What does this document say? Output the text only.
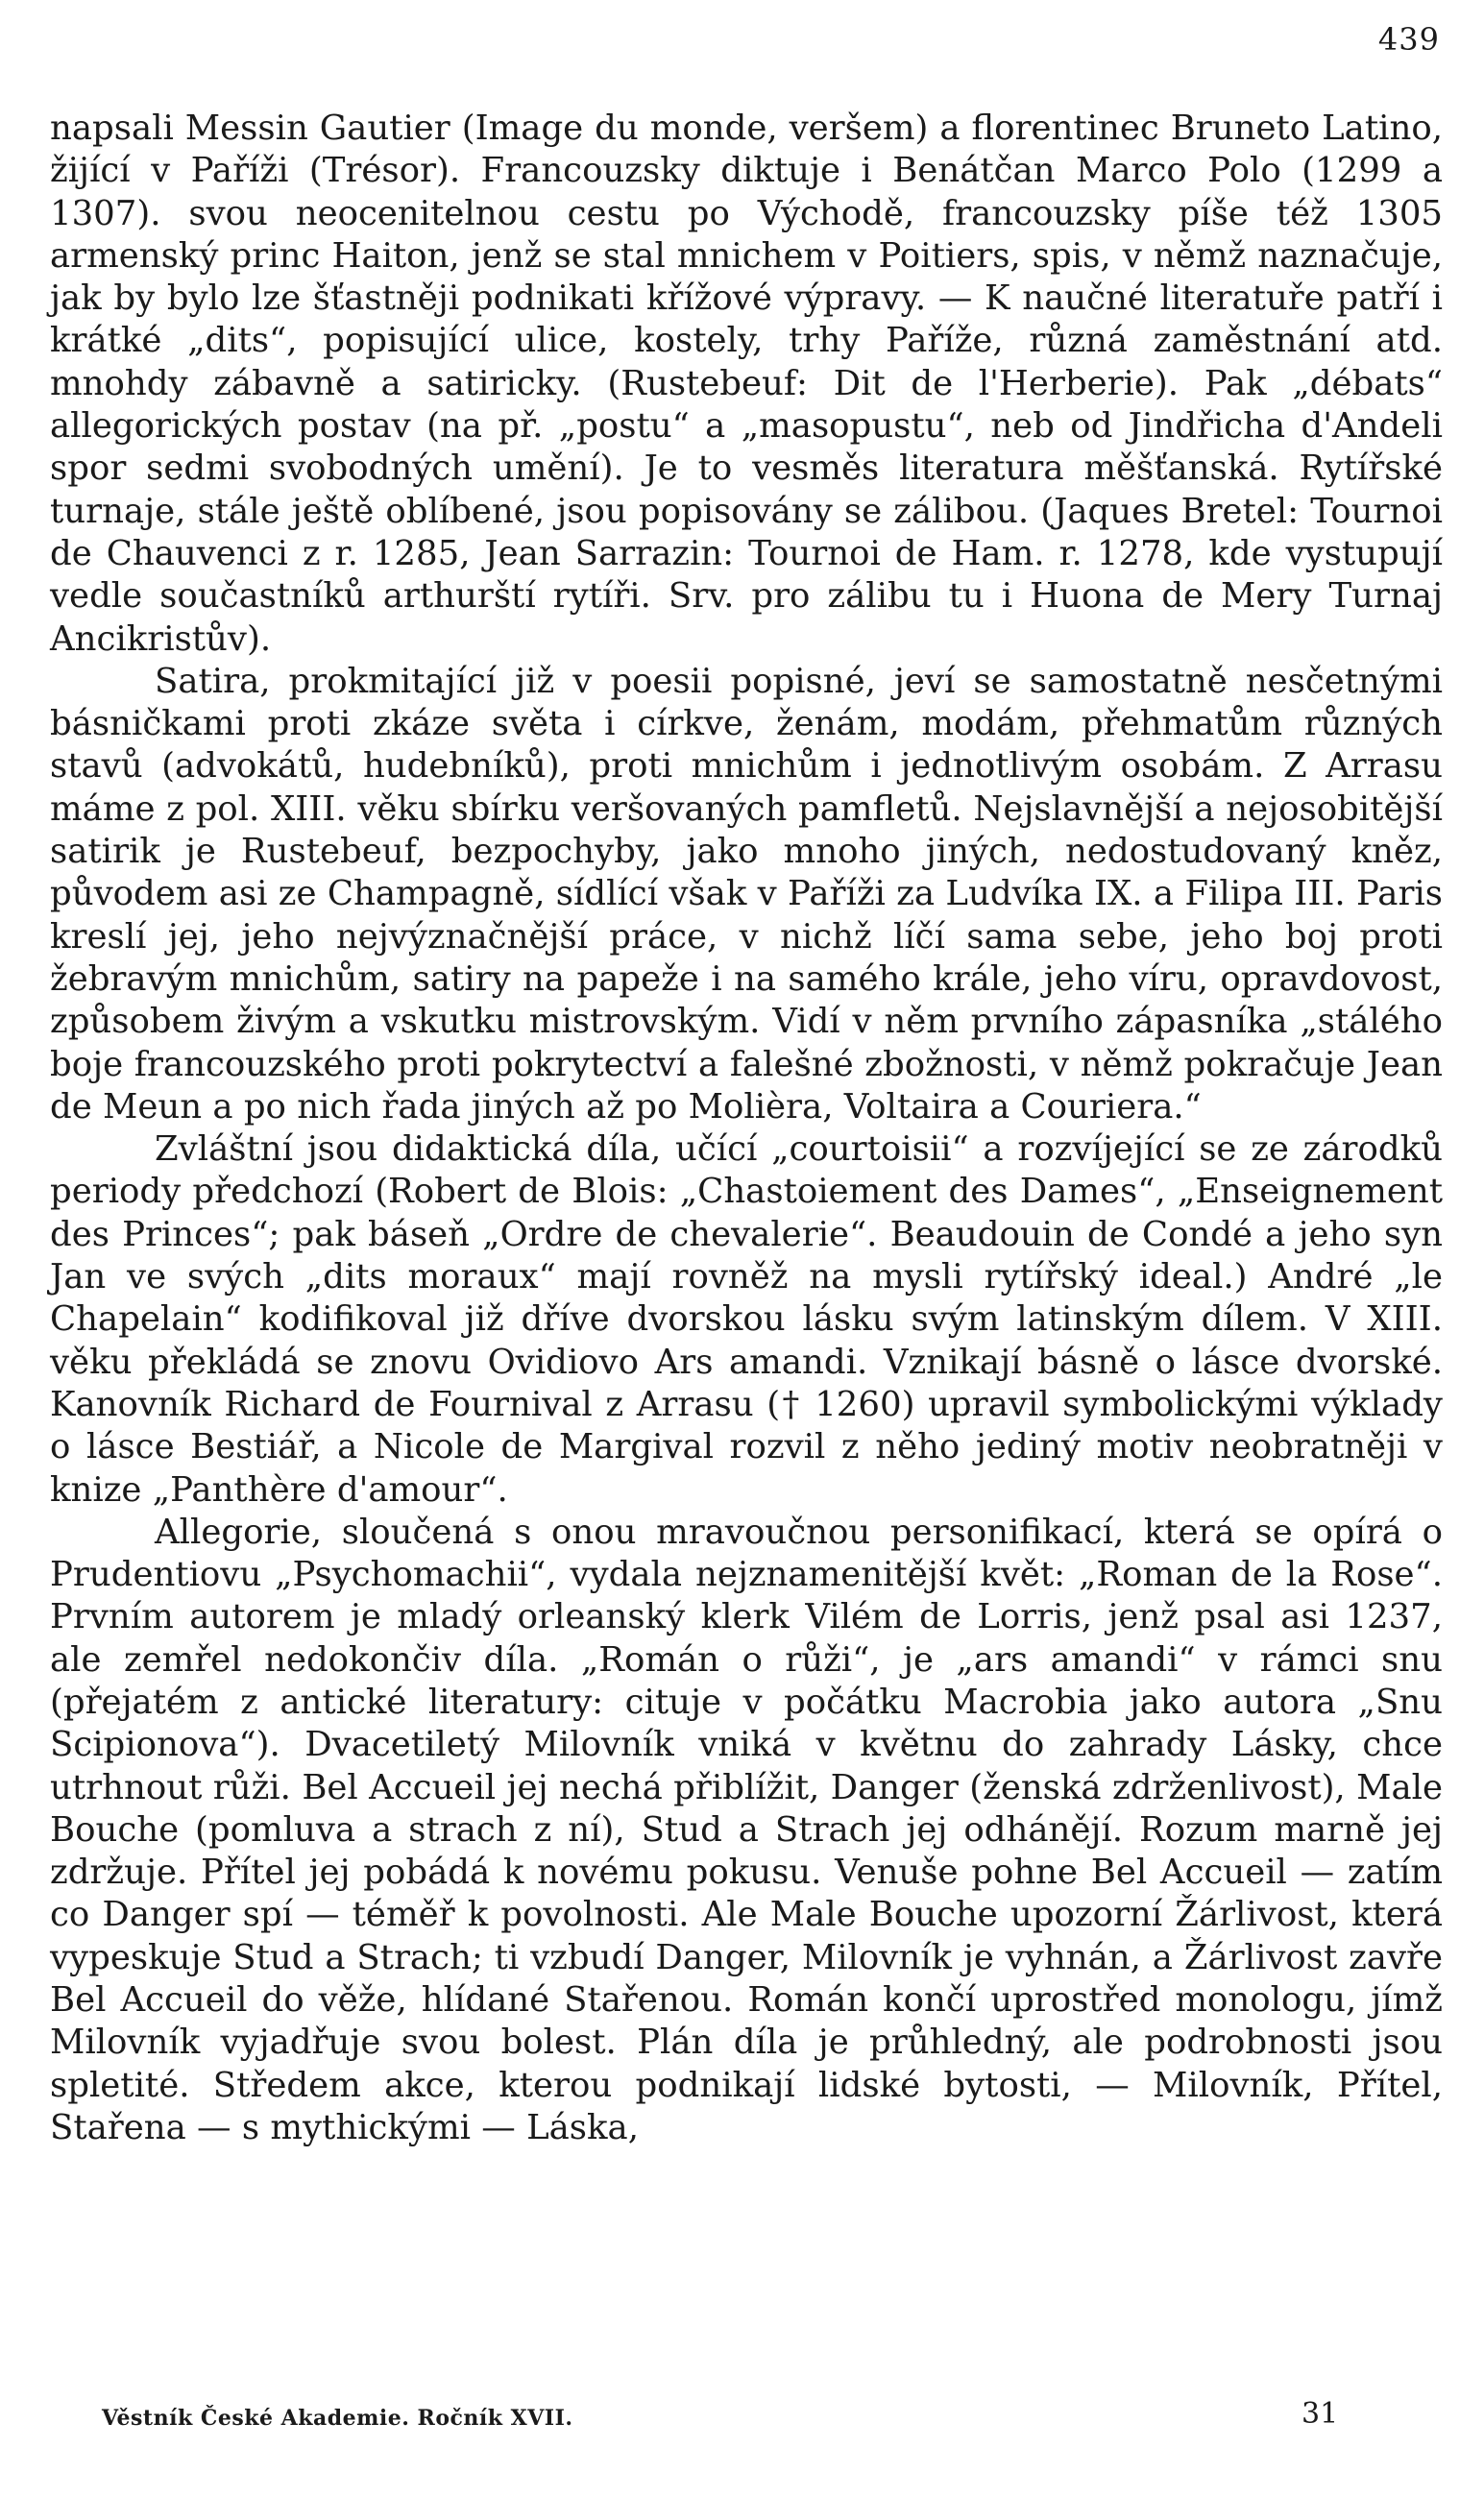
439

napsali Messin Gautier (Image du monde, veršem) a florentinec Bruneto Latino, žijící v Paříži (Trésor). Francouzsky diktuje i Benátčan Marco Polo (1299 a 1307). svou neocenitelnou cestu po Východě, francouzsky píše též 1305 armenský princ Haiton, jenž se stal mnichem v Poitiers, spis, v němž naznačuje, jak by bylo lze šťastněji podnikati křížové výpravy. — K naučné literatuře patří i krátké „dits“, popisující ulice, kostely, trhy Paříže, různá zaměstnání atd. mnohdy zábavně a satiricky. (Rustebeuf: Dit de l'Herberie). Pak „débats“ allegorických postav (na př. „postu“ a „masopustu“, neb od Jindřicha d'Andeli spor sedmi svobodných umění). Je to vesměs literatura měšťanská. Rytířské turnaje, stále ještě oblíbené, jsou popisovány se zálibou. (Jaques Bretel: Tournoi de Chauvenci z r. 1285, Jean Sarrazin: Tournoi de Ham. r. 1278, kde vystupují vedle součastníků arthurští rytíři. Srv. pro zálibu tu i Huona de Mery Turnaj Ancikristův).

Satira, prokmitající již v poesii popisné, jeví se samostatně nesčetnými básničkami proti zkáze světa i církve, ženám, modám, přehmatům různých stavů (advokátů, hudebníků), proti mnichům i jednotlivým osobám. Z Arrasu máme z pol. XIII. věku sbírku veršovaných pamfletů. Nejslavnější a nejosobitější satirik je Rustebeuf, bezpochyby, jako mnoho jiných, nedostudovaný kněz, původem asi ze Champagně, sídlící však v Paříži za Ludvíka IX. a Filipa III. Paris kreslí jej, jeho nejvýznačnější práce, v nichž líčí sama sebe, jeho boj proti žebravým mnichům, satiry na papeže i na samého krále, jeho víru, opravdovost, způsobem živým a vskutku mistrovským. Vidí v něm prvního zápasníka „stálého boje francouzského proti pokrytectví a falešné zbožnosti, v němž pokračuje Jean de Meun a po nich řada jiných až po Molièra, Voltaira a Couriera.“

Zvláštní jsou didaktická díla, učící „courtoisii“ a rozvíjející se ze zárodků periody předchozí (Robert de Blois: „Chastoiement des Dames“, „Enseignement des Princes“; pak báseň „Ordre de chevalerie“. Beaudouin de Condé a jeho syn Jan ve svých „dits moraux“ mají rovněž na mysli rytířský ideal.) André „le Chapelain“ kodifikoval již dříve dvorskou lásku svým latinským dílem. V XIII. věku překládá se znovu Ovidiovo Ars amandi. Vznikají básně o lásce dvorské. Kanovník Richard de Fournival z Arrasu († 1260) upravil symbolickými výklady o lásce Bestiář, a Nicole de Margival rozvil z něho jediný motiv neobratněji v knize „Panthère d'amour“.

Allegorie, sloučená s onou mravoučnou personifikací, která se opírá o Prudentiovu „Psychomachii“, vydala nejznamenitější květ: „Roman de la Rose“. Prvním autorem je mladý orleanský klerk Vilém de Lorris, jenž psal asi 1237, ale zemřel nedokončiv díla. „Román o růži“, je „ars amandi“ v rámci snu (přejatém z antické literatury: cituje v počátku Macrobia jako autora „Snu Scipionova“). Dvacetiletý Milovník vniká v květnu do zahrady Lásky, chce utrhnout růži. Bel Accueil jej nechá přiblížit, Danger (ženská zdrženlivost), Male Bouche (pomluva a strach z ní), Stud a Strach jej odhánějí. Rozum marně jej zdržuje. Přítel jej pobádá k novému pokusu. Venuše pohne Bel Accueil — zatím co Danger spí — téměř k povolnosti. Ale Male Bouche upozorní Žárlivost, která vypeskuje Stud a Strach; ti vzbudí Danger, Milovník je vyhnán, a Žárlivost zavře Bel Accueil do věže, hlídané Stařenou. Román končí uprostřed monologu, jímž Milovník vyjadřuje svou bolest. Plán díla je průhledný, ale podrobnosti jsou spletité. Středem akce, kterou podnikají lidské bytosti, — Milovník, Přítel, Stařena — s mythickými — Láska,

Věstník České Akademie. Ročník XVII.	31
